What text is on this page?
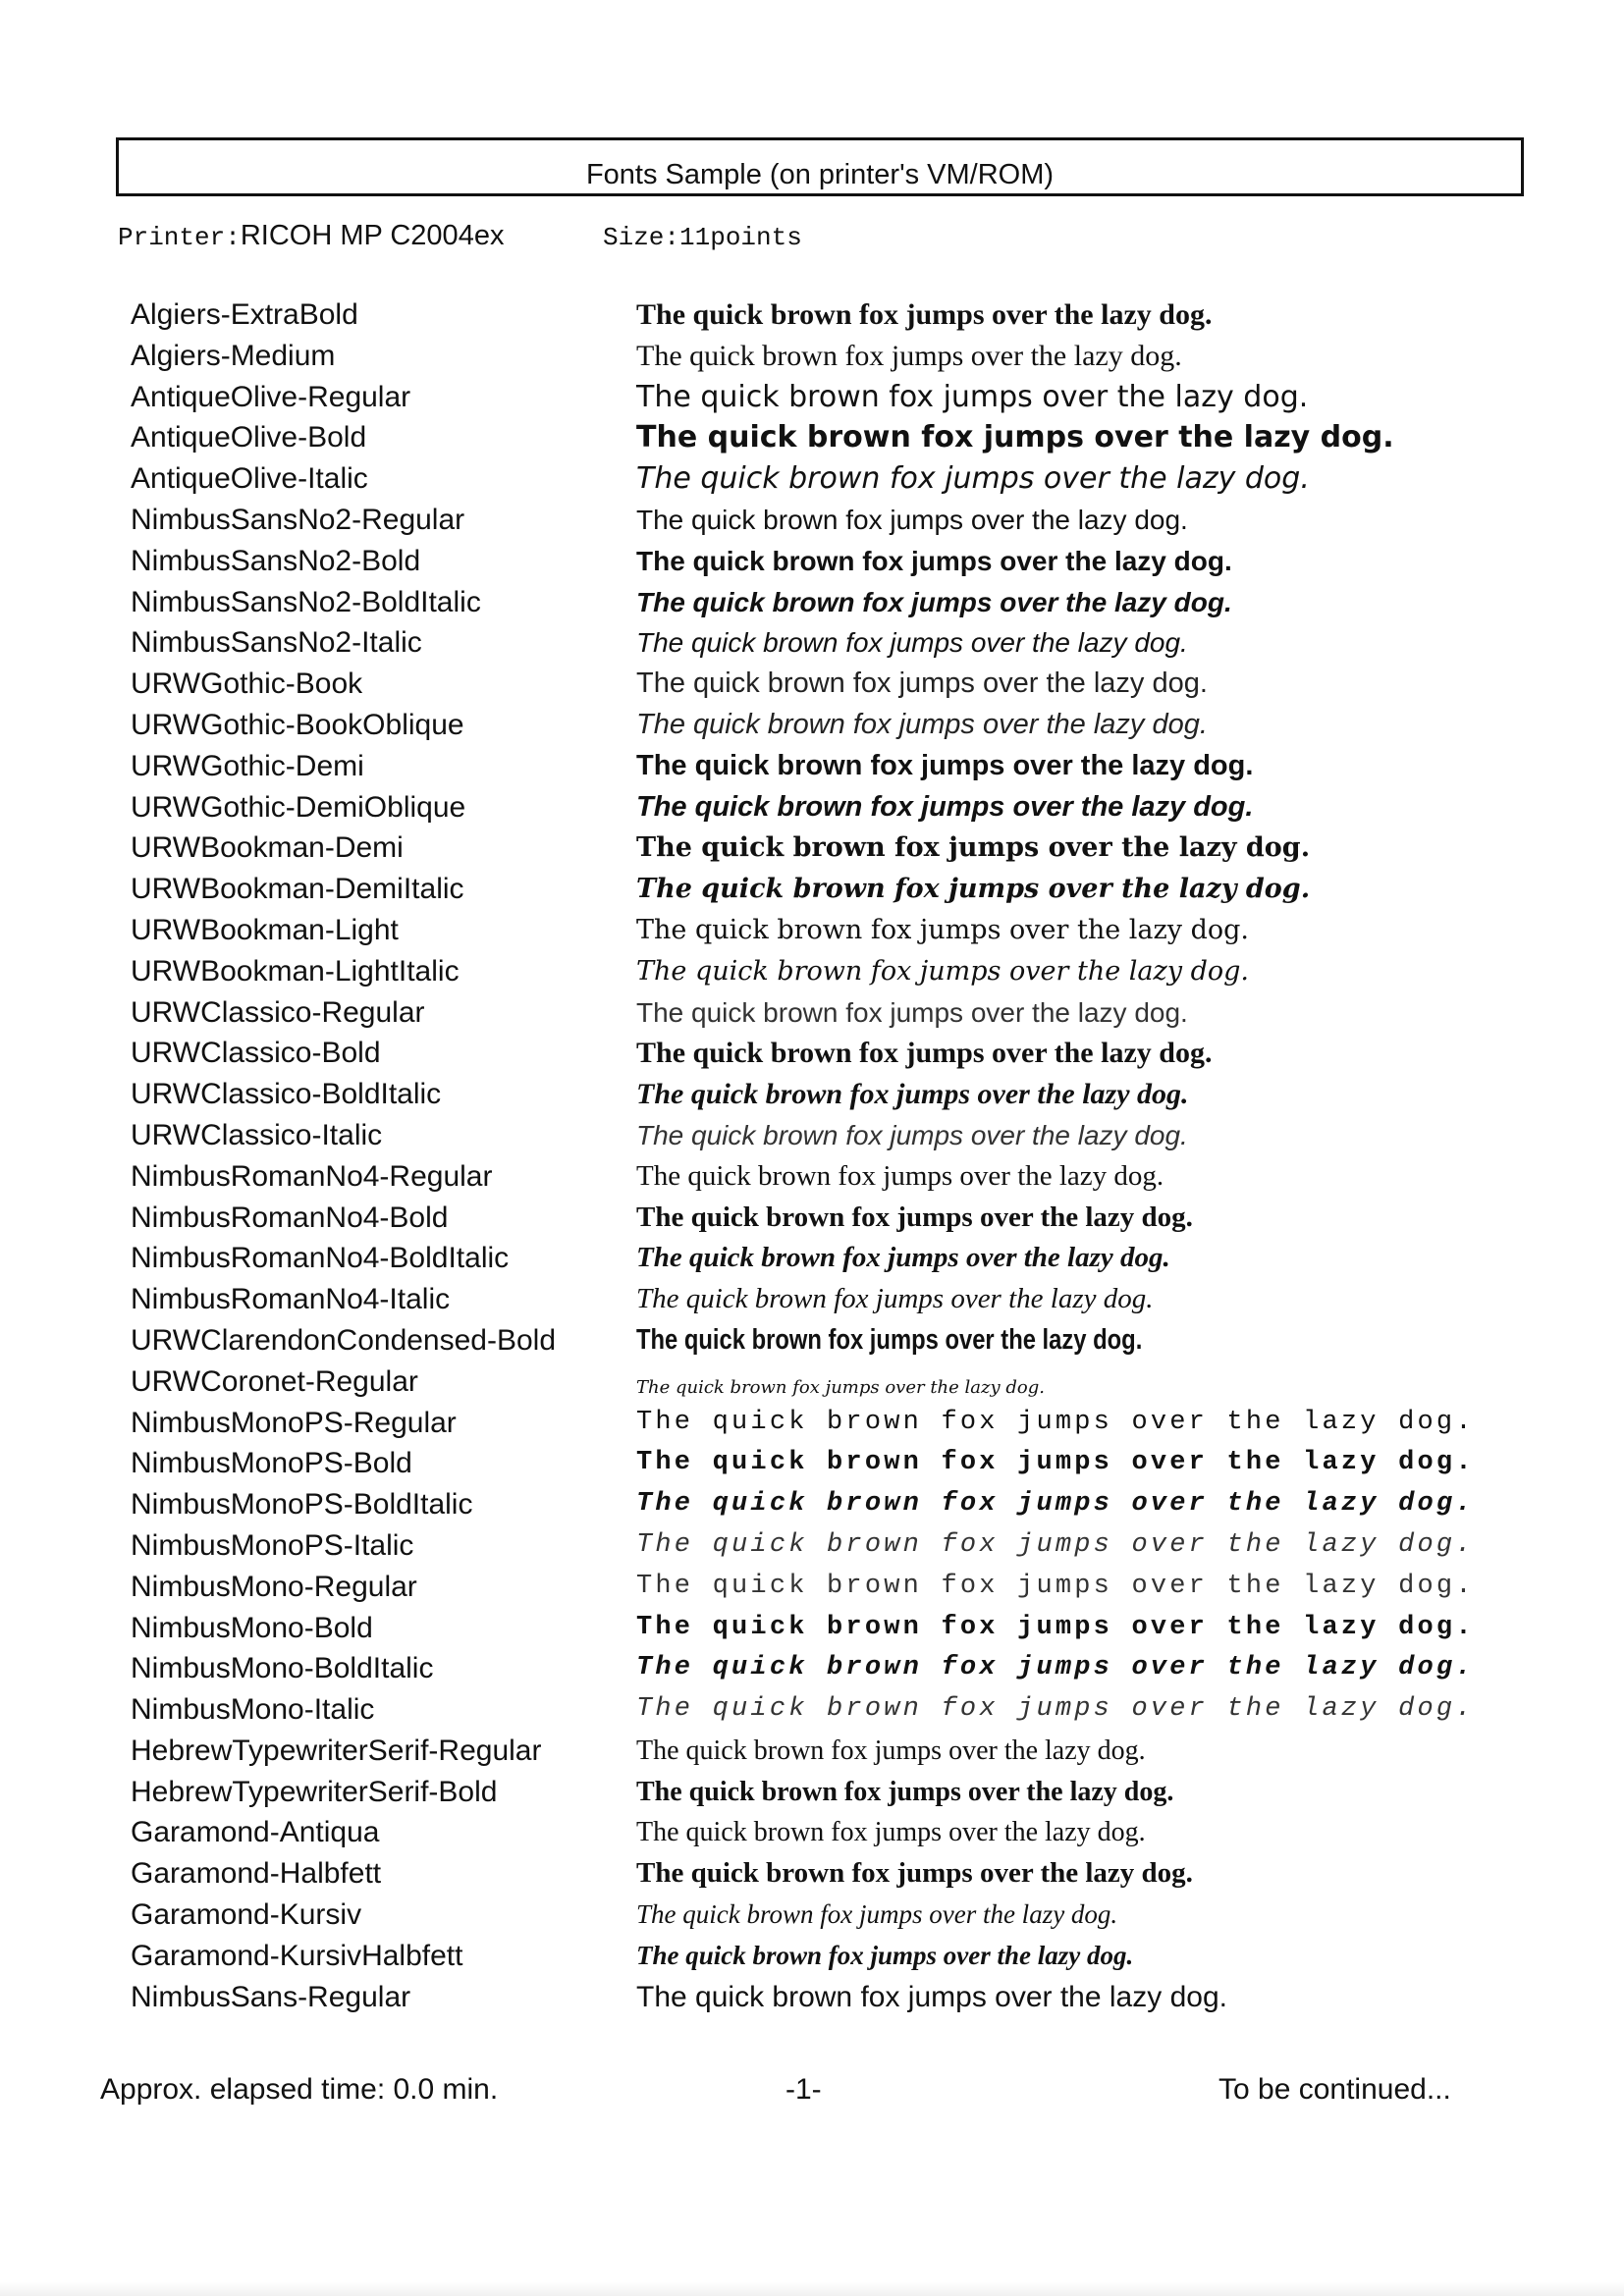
Fonts Sample (on printer's VM/ROM)
Printer:RICOH MP C2004ex	Size:11points
Algiers-ExtraBold	The quick brown fox jumps over the lazy dog.
Algiers-Medium	The quick brown fox jumps over the lazy dog.
AntiqueOlive-Regular	The quick brown fox jumps over the lazy dog.
AntiqueOlive-Bold	The quick brown fox jumps over the lazy dog.
AntiqueOlive-Italic	The quick brown fox jumps over the lazy dog.
NimbusSansNo2-Regular	The quick brown fox jumps over the lazy dog.
NimbusSansNo2-Bold	The quick brown fox jumps over the lazy dog.
NimbusSansNo2-BoldItalic	The quick brown fox jumps over the lazy dog.
NimbusSansNo2-Italic	The quick brown fox jumps over the lazy dog.
URWGothic-Book	The quick brown fox jumps over the lazy dog.
URWGothic-BookOblique	The quick brown fox jumps over the lazy dog.
URWGothic-Demi	The quick brown fox jumps over the lazy dog.
URWGothic-DemiOblique	The quick brown fox jumps over the lazy dog.
URWBookman-Demi	The quick brown fox jumps over the lazy dog.
URWBookman-DemiItalic	The quick brown fox jumps over the lazy dog.
URWBookman-Light	The quick brown fox jumps over the lazy dog.
URWBookman-LightItalic	The quick brown fox jumps over the lazy dog.
URWClassico-Regular	The quick brown fox jumps over the lazy dog.
URWClassico-Bold	The quick brown fox jumps over the lazy dog.
URWClassico-BoldItalic	The quick brown fox jumps over the lazy dog.
URWClassico-Italic	The quick brown fox jumps over the lazy dog.
NimbusRomanNo4-Regular	The quick brown fox jumps over the lazy dog.
NimbusRomanNo4-Bold	The quick brown fox jumps over the lazy dog.
NimbusRomanNo4-BoldItalic	The quick brown fox jumps over the lazy dog.
NimbusRomanNo4-Italic	The quick brown fox jumps over the lazy dog.
URWClarendonCondensed-Bold	The quick brown fox jumps over the lazy dog.
URWCoronet-Regular	The quick brown fox jumps over the lazy dog.
NimbusMonoPS-Regular	The quick brown fox jumps over the lazy dog.
NimbusMonoPS-Bold	The quick brown fox jumps over the lazy dog.
NimbusMonoPS-BoldItalic	The quick brown fox jumps over the lazy dog.
NimbusMonoPS-Italic	The quick brown fox jumps over the lazy dog.
NimbusMono-Regular	The quick brown fox jumps over the lazy dog.
NimbusMono-Bold	The quick brown fox jumps over the lazy dog.
NimbusMono-BoldItalic	The quick brown fox jumps over the lazy dog.
NimbusMono-Italic	The quick brown fox jumps over the lazy dog.
HebrewTypewriterSerif-Regular	The quick brown fox jumps over the lazy dog.
HebrewTypewriterSerif-Bold	The quick brown fox jumps over the lazy dog.
Garamond-Antiqua	The quick brown fox jumps over the lazy dog.
Garamond-Halbfett	The quick brown fox jumps over the lazy dog.
Garamond-Kursiv	The quick brown fox jumps over the lazy dog.
Garamond-KursivHalbfett	The quick brown fox jumps over the lazy dog.
NimbusSans-Regular	The quick brown fox jumps over the lazy dog.
Approx. elapsed time: 0.0 min.	-1-	To be continued...
